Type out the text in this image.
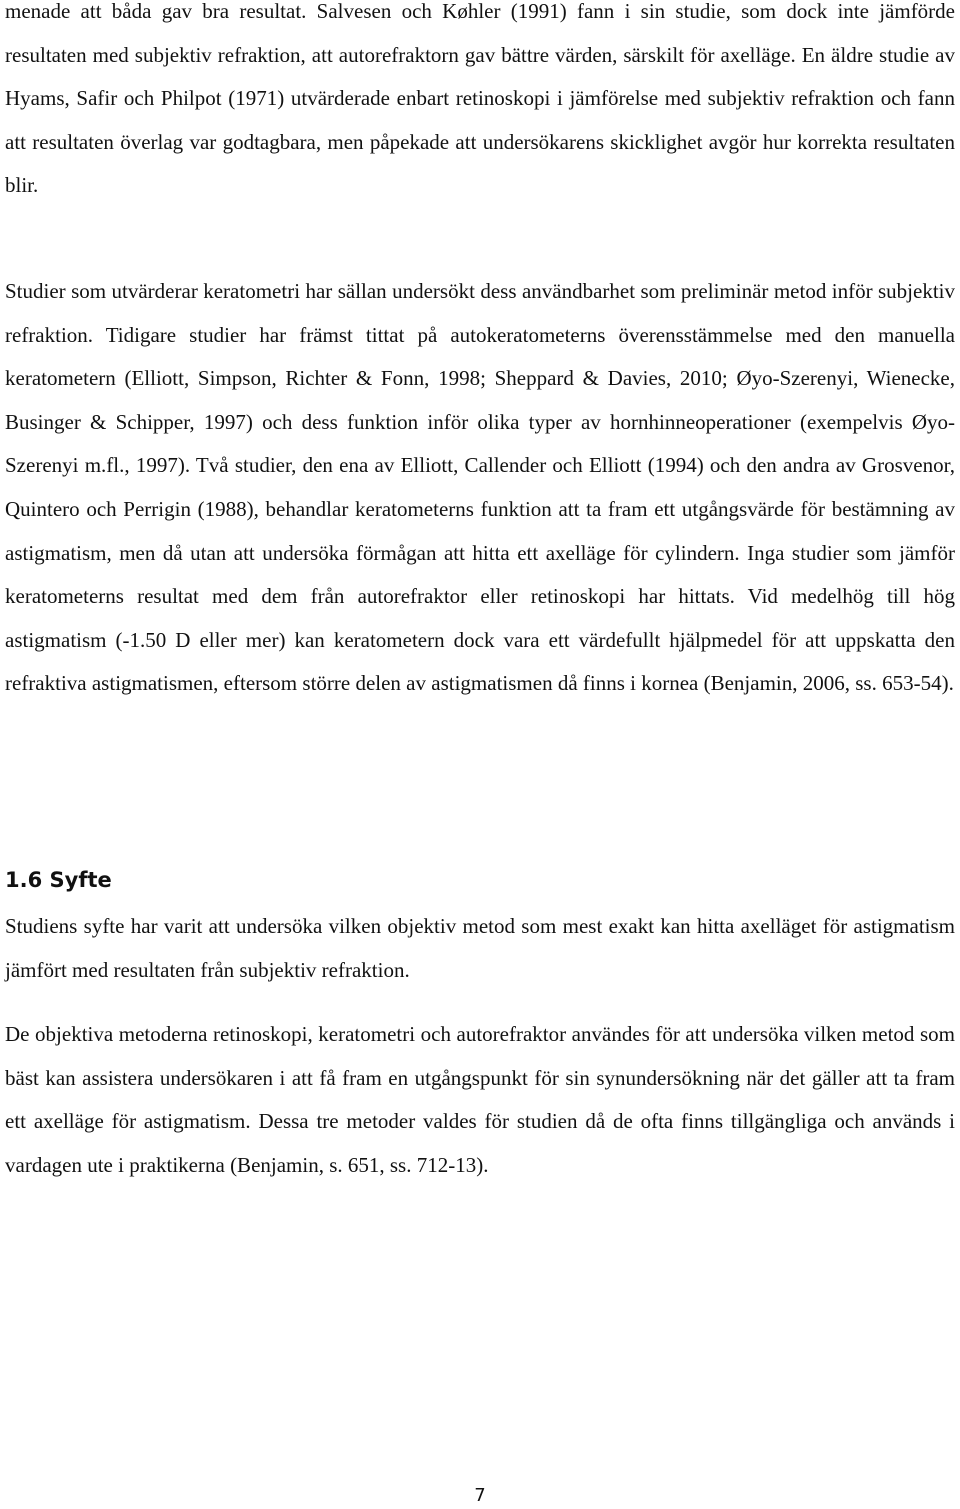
menade att båda gav bra resultat. Salvesen och Køhler (1991) fann i sin studie, som dock inte jämförde resultaten med subjektiv refraktion, att autorefraktorn gav bättre värden, särskilt för axelläge. En äldre studie av Hyams, Safir och Philpot (1971) utvärderade enbart retinoskopi i jämförelse med subjektiv refraktion och fann att resultaten överlag var godtagbara, men påpekade att undersökarens skicklighet avgör hur korrekta resultaten blir.

Studier som utvärderar keratometri har sällan undersökt dess användbarhet som preliminär metod inför subjektiv refraktion. Tidigare studier har främst tittat på autokeratometerns överensstämmelse med den manuella keratometern (Elliott, Simpson, Richter & Fonn, 1998; Sheppard & Davies, 2010; Øyo-Szerenyi, Wienecke, Businger & Schipper, 1997) och dess funktion inför olika typer av hornhinneoperationer (exempelvis Øyo-Szerenyi m.fl., 1997). Två studier, den ena av Elliott, Callender och Elliott (1994) och den andra av Grosvenor, Quintero och Perrigin (1988), behandlar keratometerns funktion att ta fram ett utgångsvärde för bestämning av astigmatism, men då utan att undersöka förmågan att hitta ett axelläge för cylindern. Inga studier som jämför keratometerns resultat med dem från autorefraktor eller retinoskopi har hittats. Vid medelhög till hög astigmatism (-1.50 D eller mer) kan keratometern dock vara ett värdefullt hjälpmedel för att uppskatta den refraktiva astigmatismen, eftersom större delen av astigmatismen då finns i kornea (Benjamin, 2006, ss. 653-54).

1.6 Syfte

Studiens syfte har varit att undersöka vilken objektiv metod som mest exakt kan hitta axelläget för astigmatism jämfört med resultaten från subjektiv refraktion.

De objektiva metoderna retinoskopi, keratometri och autorefraktor användes för att undersöka vilken metod som bäst kan assistera undersökaren i att få fram en utgångspunkt för sin synundersökning när det gäller att ta fram ett axelläge för astigmatism. Dessa tre metoder valdes för studien då de ofta finns tillgängliga och används i vardagen ute i praktikerna (Benjamin, s. 651, ss. 712-13).

7
